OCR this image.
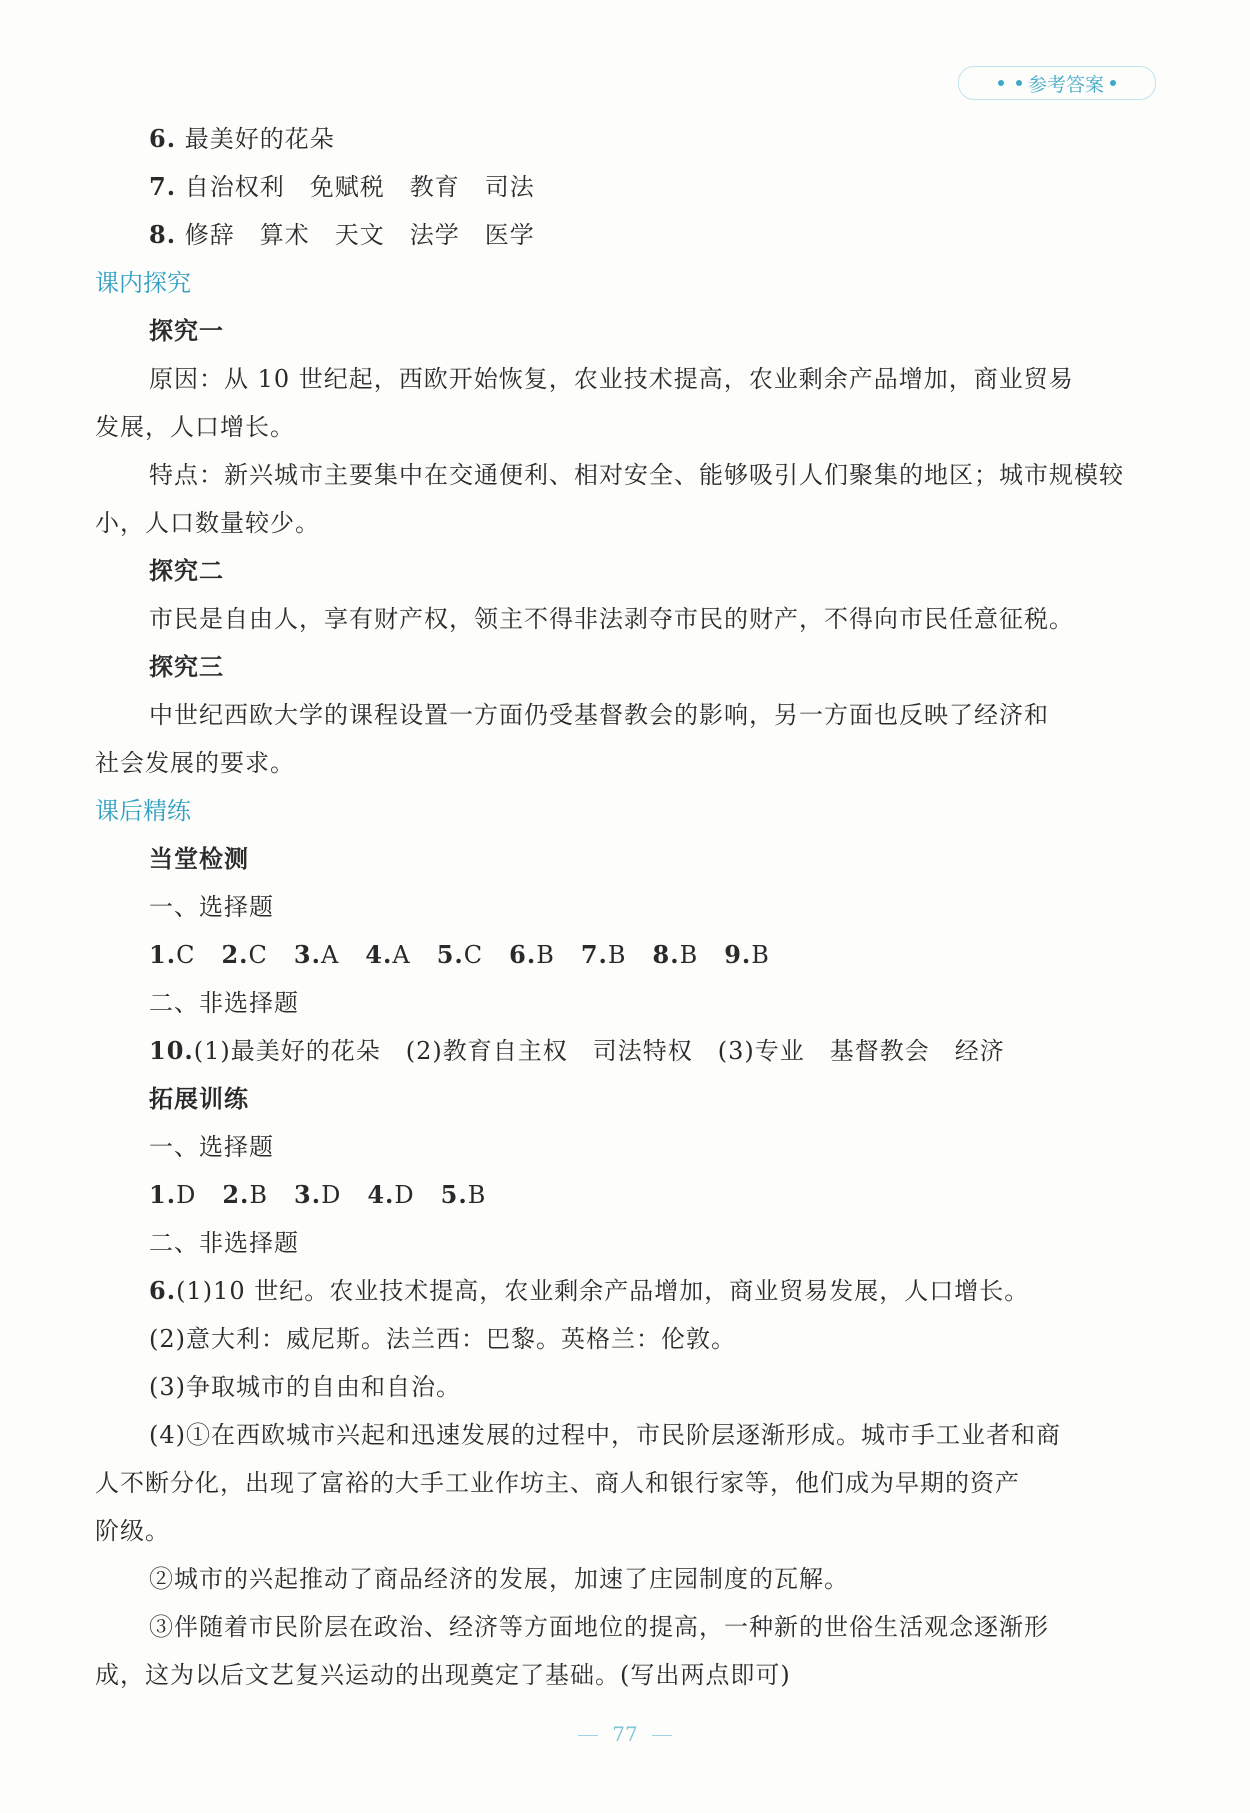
参考答案
6. 最美好的花朵
7. 自治权利　免赋税　教育　司法
8. 修辞　算术　天文　法学　医学
课内探究
探究一
原因：从 10 世纪起，西欧开始恢复，农业技术提高，农业剩余产品增加，商业贸易
发展，人口增长。
特点：新兴城市主要集中在交通便利、相对安全、能够吸引人们聚集的地区；城市规模较
小，人口数量较少。
探究二
市民是自由人，享有财产权，领主不得非法剥夺市民的财产，不得向市民任意征税。
探究三
中世纪西欧大学的课程设置一方面仍受基督教会的影响，另一方面也反映了经济和
社会发展的要求。
课后精练
当堂检测
一、选择题
1.C 2.C 3.A 4.A 5.C 6.B 7.B 8.B 9.B
二、非选择题
10.(1)最美好的花朵　(2)教育自主权　司法特权　(3)专业　基督教会　经济
拓展训练
一、选择题
1.D 2.B 3.D 4.D 5.B
二、非选择题
6.(1)10 世纪。农业技术提高，农业剩余产品增加，商业贸易发展，人口增长。
(2)意大利：威尼斯。法兰西：巴黎。英格兰：伦敦。
(3)争取城市的自由和自治。
(4)①在西欧城市兴起和迅速发展的过程中，市民阶层逐渐形成。城市手工业者和商
人不断分化，出现了富裕的大手工业作坊主、商人和银行家等，他们成为早期的资产
阶级。
②城市的兴起推动了商品经济的发展，加速了庄园制度的瓦解。
③伴随着市民阶层在政治、经济等方面地位的提高，一种新的世俗生活观念逐渐形
成，这为以后文艺复兴运动的出现奠定了基础。(写出两点即可)
77
